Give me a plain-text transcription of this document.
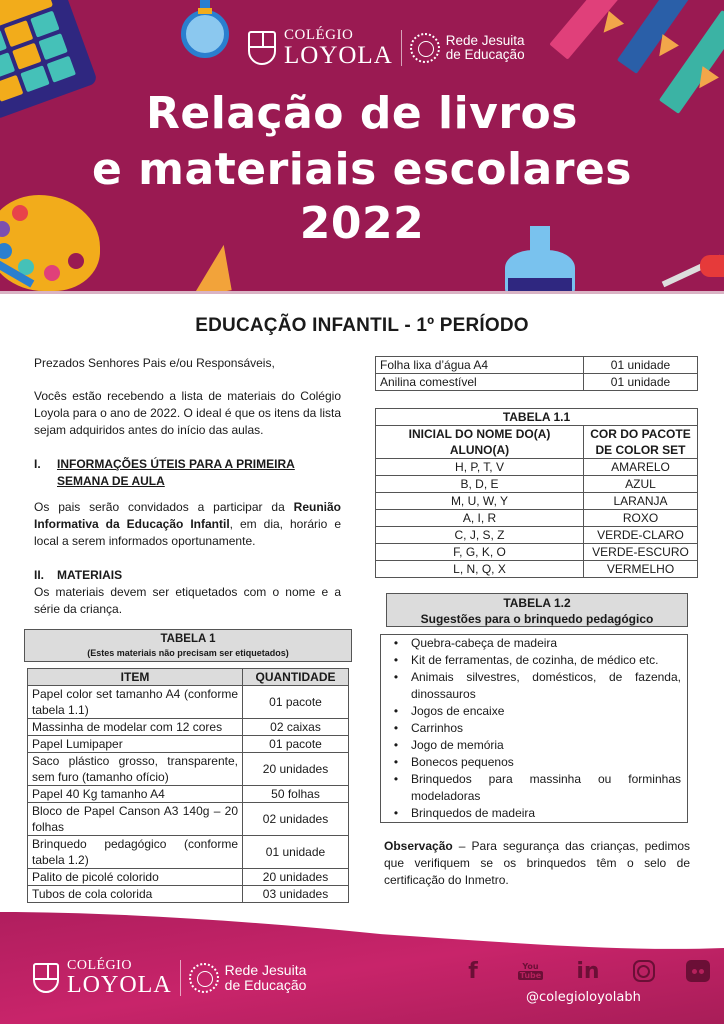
COLÉGIO
LOYOLA
Rede Jesuita
de Educação
Relação de livros
e materiais escolares
2022
EDUCAÇÃO INFANTIL - 1º PERÍODO

Prezados Senhores Pais e/ou Responsáveis,

Vocês estão recebendo a lista de materiais do Colégio Loyola para o ano de 2022. O ideal é que os itens da lista sejam adquiridos antes do início das aulas.

I.	INFORMAÇÕES ÚTEIS PARA A PRIMEIRA SEMANA DE AULA

Os pais serão convidados a participar da Reunião Informativa da Educação Infantil, em dia, horário e local a serem informados oportunamente.

II.	MATERIAIS

Os materiais devem ser etiquetados com o nome e a série da criança.

TABELA 1
(Estes materiais não precisam ser etiquetados)
ITEM	QUANTIDADE
Papel color set tamanho A4 (conforme tabela 1.1)	01 pacote
Massinha de modelar com 12 cores	02 caixas
Papel Lumipaper	01 pacote
Saco plástico grosso, transparente, sem furo (tamanho ofício)	20 unidades
Papel 40 Kg tamanho A4	50 folhas
Bloco de Papel Canson A3 140g – 20 folhas	02 unidades
Brinquedo pedagógico (conforme tabela 1.2)	01 unidade
Palito de picolé colorido	20 unidades
Tubos de cola colorida	03 unidades
Folha lixa d’água A4	01 unidade
Anilina comestível	01 unidade
TABELA 1.1	
INICIAL DO NOME DO(A) ALUNO(A)	COR DO PACOTE DE COLOR SET
H, P, T, V	AMARELO
B, D, E	AZUL
M, U, W, Y	LARANJA
A, I, R	ROXO
C, J, S, Z	VERDE-CLARO
F, G, K, O	VERDE-ESCURO
L, N, Q, X	VERMELHO
TABELA 1.2
Sugestões para o brinquedo pedagógico
•	Quebra-cabeça de madeira
•	Kit de ferramentas, de cozinha, de médico etc.
•	Animais silvestres, domésticos, de fazenda, dinossauros
•	Jogos de encaixe
•	Carrinhos
•	Jogo de memória
•	Bonecos pequenos
•	Brinquedos para massinha ou forminhas modeladoras
•	Brinquedos de madeira

Observação – Para segurança das crianças, pedimos que verifiquem se os brinquedos têm o selo de certificação do Inmetro.

COLÉGIO
LOYOLA
Rede Jesuita
de Educação
f	You
Tube in
@colegioloyolabh
